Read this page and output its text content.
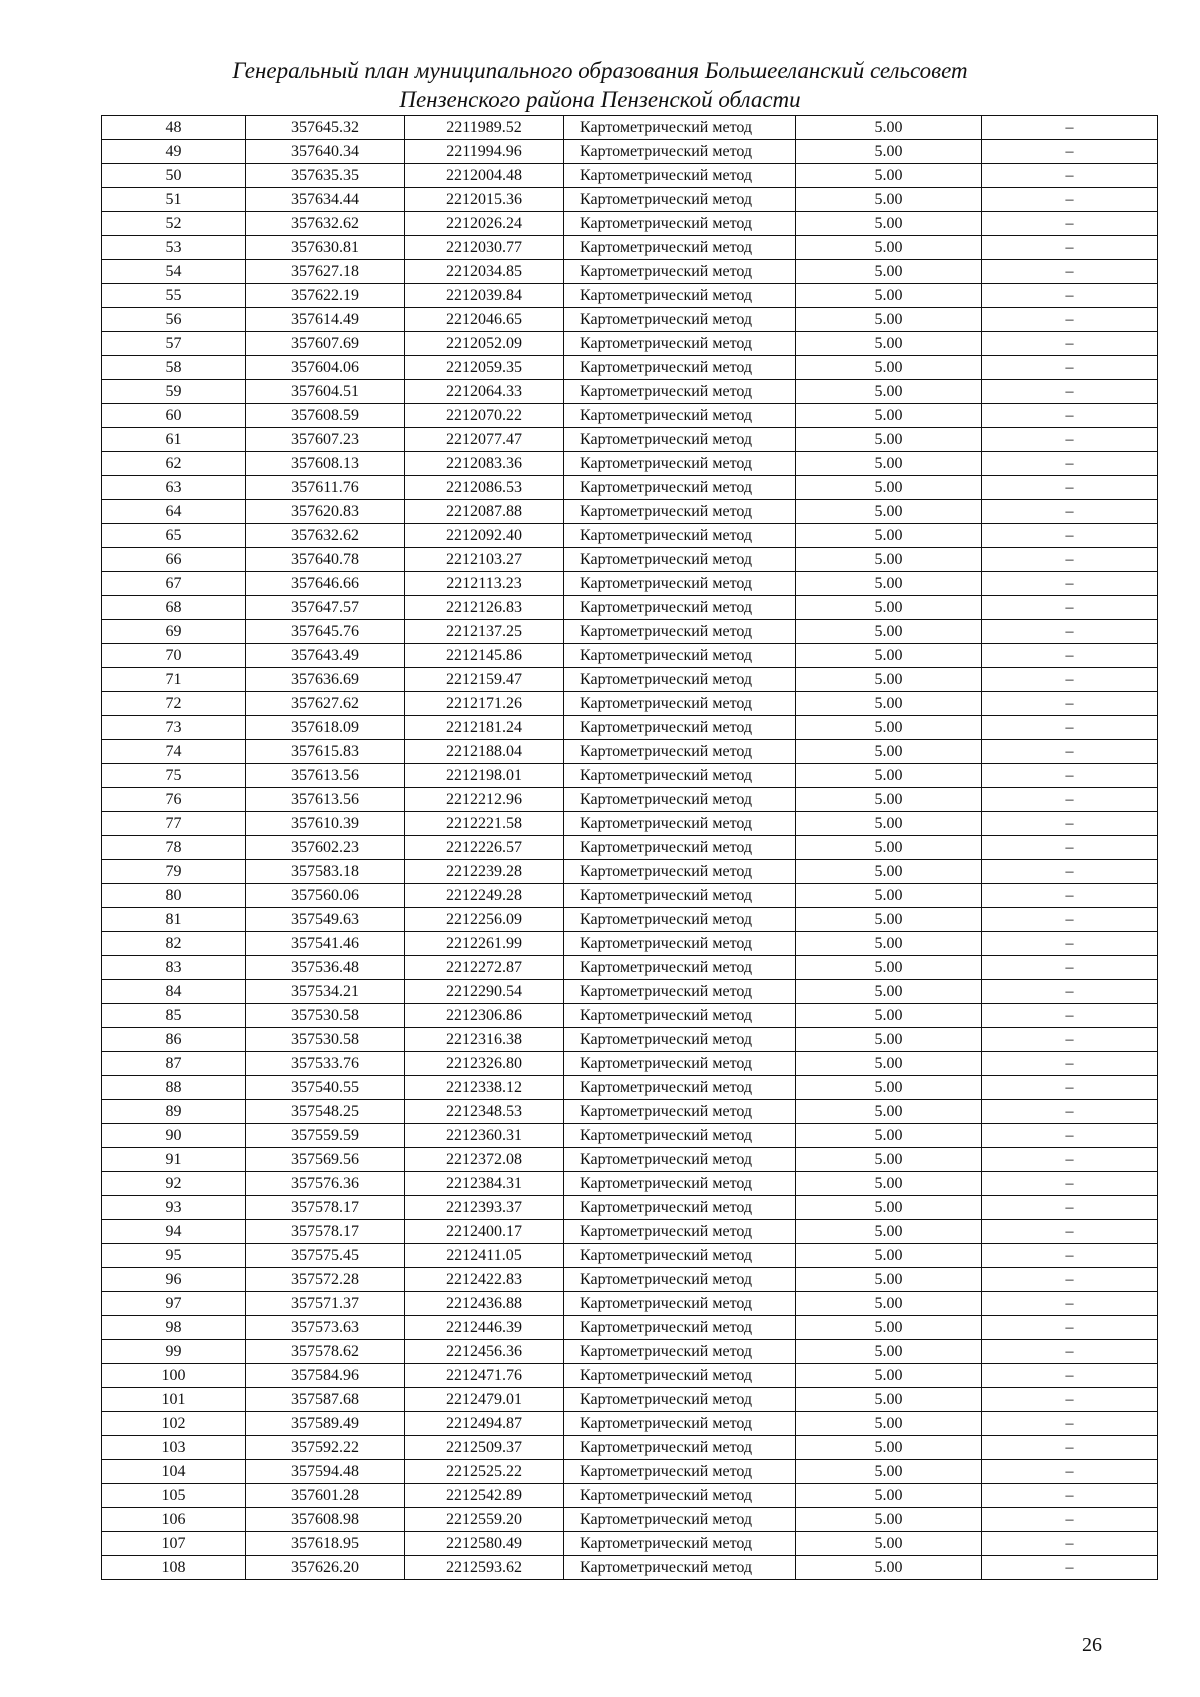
Генеральный план муниципального образования Большееланский сельсовет
Пензенского района Пензенской области
48	357645.32	2211989.52	Картометрический метод	5.00	–
49	357640.34	2211994.96	Картометрический метод	5.00	–
50	357635.35	2212004.48	Картометрический метод	5.00	–
51	357634.44	2212015.36	Картометрический метод	5.00	–
52	357632.62	2212026.24	Картометрический метод	5.00	–
53	357630.81	2212030.77	Картометрический метод	5.00	–
54	357627.18	2212034.85	Картометрический метод	5.00	–
55	357622.19	2212039.84	Картометрический метод	5.00	–
56	357614.49	2212046.65	Картометрический метод	5.00	–
57	357607.69	2212052.09	Картометрический метод	5.00	–
58	357604.06	2212059.35	Картометрический метод	5.00	–
59	357604.51	2212064.33	Картометрический метод	5.00	–
60	357608.59	2212070.22	Картометрический метод	5.00	–
61	357607.23	2212077.47	Картометрический метод	5.00	–
62	357608.13	2212083.36	Картометрический метод	5.00	–
63	357611.76	2212086.53	Картометрический метод	5.00	–
64	357620.83	2212087.88	Картометрический метод	5.00	–
65	357632.62	2212092.40	Картометрический метод	5.00	–
66	357640.78	2212103.27	Картометрический метод	5.00	–
67	357646.66	2212113.23	Картометрический метод	5.00	–
68	357647.57	2212126.83	Картометрический метод	5.00	–
69	357645.76	2212137.25	Картометрический метод	5.00	–
70	357643.49	2212145.86	Картометрический метод	5.00	–
71	357636.69	2212159.47	Картометрический метод	5.00	–
72	357627.62	2212171.26	Картометрический метод	5.00	–
73	357618.09	2212181.24	Картометрический метод	5.00	–
74	357615.83	2212188.04	Картометрический метод	5.00	–
75	357613.56	2212198.01	Картометрический метод	5.00	–
76	357613.56	2212212.96	Картометрический метод	5.00	–
77	357610.39	2212221.58	Картометрический метод	5.00	–
78	357602.23	2212226.57	Картометрический метод	5.00	–
79	357583.18	2212239.28	Картометрический метод	5.00	–
80	357560.06	2212249.28	Картометрический метод	5.00	–
81	357549.63	2212256.09	Картометрический метод	5.00	–
82	357541.46	2212261.99	Картометрический метод	5.00	–
83	357536.48	2212272.87	Картометрический метод	5.00	–
84	357534.21	2212290.54	Картометрический метод	5.00	–
85	357530.58	2212306.86	Картометрический метод	5.00	–
86	357530.58	2212316.38	Картометрический метод	5.00	–
87	357533.76	2212326.80	Картометрический метод	5.00	–
88	357540.55	2212338.12	Картометрический метод	5.00	–
89	357548.25	2212348.53	Картометрический метод	5.00	–
90	357559.59	2212360.31	Картометрический метод	5.00	–
91	357569.56	2212372.08	Картометрический метод	5.00	–
92	357576.36	2212384.31	Картометрический метод	5.00	–
93	357578.17	2212393.37	Картометрический метод	5.00	–
94	357578.17	2212400.17	Картометрический метод	5.00	–
95	357575.45	2212411.05	Картометрический метод	5.00	–
96	357572.28	2212422.83	Картометрический метод	5.00	–
97	357571.37	2212436.88	Картометрический метод	5.00	–
98	357573.63	2212446.39	Картометрический метод	5.00	–
99	357578.62	2212456.36	Картометрический метод	5.00	–
100	357584.96	2212471.76	Картометрический метод	5.00	–
101	357587.68	2212479.01	Картометрический метод	5.00	–
102	357589.49	2212494.87	Картометрический метод	5.00	–
103	357592.22	2212509.37	Картометрический метод	5.00	–
104	357594.48	2212525.22	Картометрический метод	5.00	–
105	357601.28	2212542.89	Картометрический метод	5.00	–
106	357608.98	2212559.20	Картометрический метод	5.00	–
107	357618.95	2212580.49	Картометрический метод	5.00	–
108	357626.20	2212593.62	Картометрический метод	5.00	–
26
